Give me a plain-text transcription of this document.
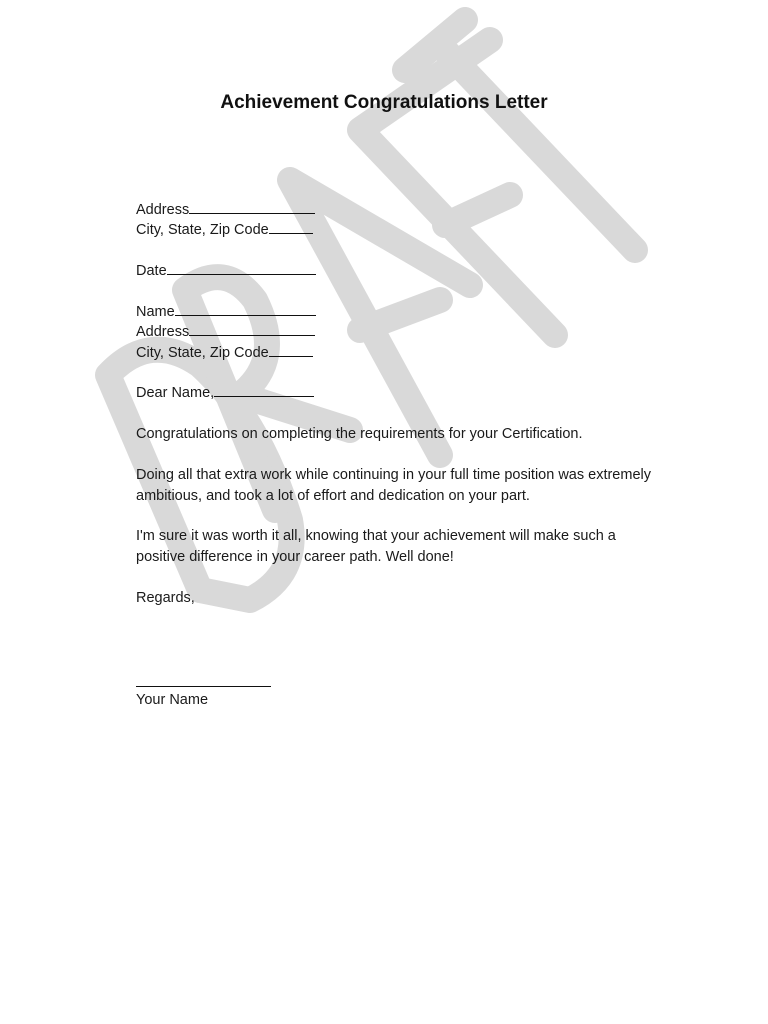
Achievement Congratulations Letter
Address
City, State, Zip Code
Date
Name
Address
City, State, Zip Code
Dear Name,
Congratulations on completing the requirements for your Certification.
Doing all that extra work while continuing in your full time position was extremely ambitious, and took a lot of effort and dedication on your part.
I'm sure it was worth it all, knowing that your achievement will make such a positive difference in your career path. Well done!
Regards,
Your Name
